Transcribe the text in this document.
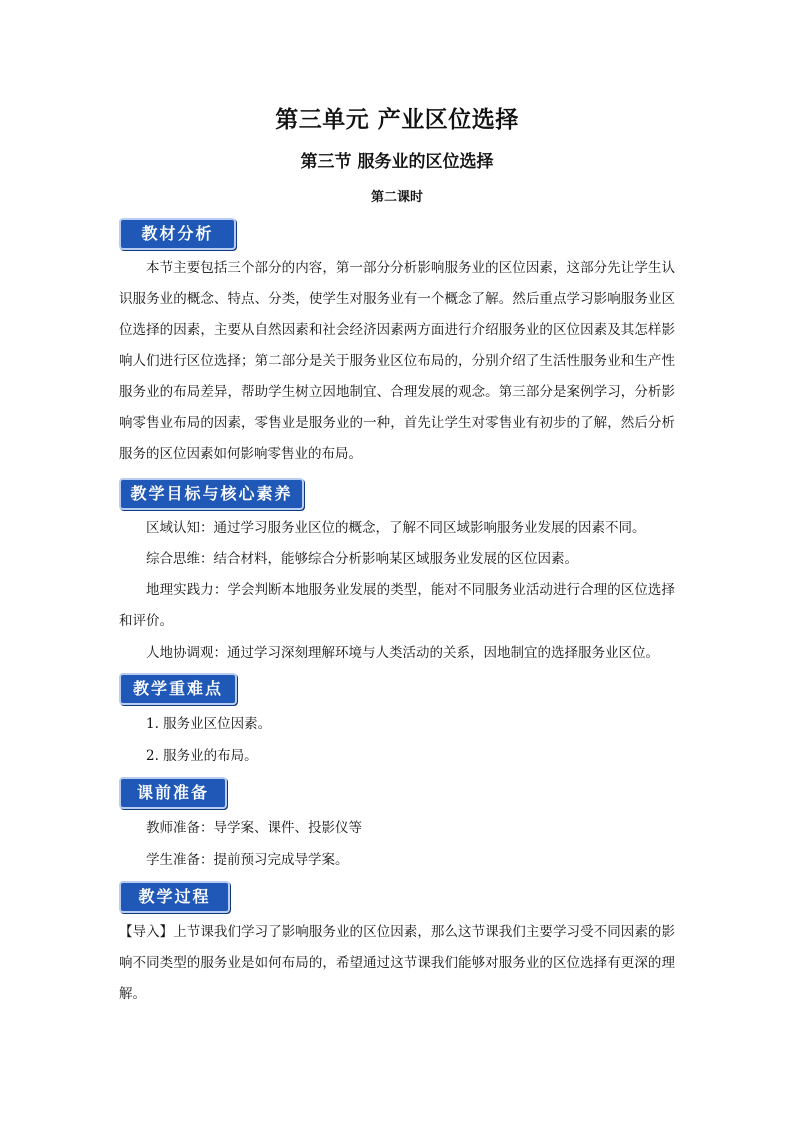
第三单元 产业区位选择
第三节 服务业的区位选择
第二课时
教材分析

本节主要包括三个部分的内容，第一部分分析影响服务业的区位因素，这部分先让学生认识服务业的概念、特点、分类，使学生对服务业有一个概念了解。然后重点学习影响服务业区位选择的因素，主要从自然因素和社会经济因素两方面进行介绍服务业的区位因素及其怎样影响人们进行区位选择；第二部分是关于服务业区位布局的，分别介绍了生活性服务业和生产性服务业的布局差异，帮助学生树立因地制宜、合理发展的观念。第三部分是案例学习，分析影响零售业布局的因素，零售业是服务业的一种，首先让学生对零售业有初步的了解，然后分析服务的区位因素如何影响零售业的布局。

教学目标与核心素养

区域认知：通过学习服务业区位的概念，了解不同区域影响服务业发展的因素不同。

综合思维：结合材料，能够综合分析影响某区域服务业发展的区位因素。

地理实践力：学会判断本地服务业发展的类型，能对不同服务业活动进行合理的区位选择和评价。

人地协调观：通过学习深刻理解环境与人类活动的关系，因地制宜的选择服务业区位。

教学重难点

1. 服务业区位因素。

2. 服务业的布局。

课前准备

教师准备：导学案、课件、投影仪等

学生准备：提前预习完成导学案。

教学过程

【导入】上节课我们学习了影响服务业的区位因素，那么这节课我们主要学习受不同因素的影响不同类型的服务业是如何布局的，希望通过这节课我们能够对服务业的区位选择有更深的理解。
